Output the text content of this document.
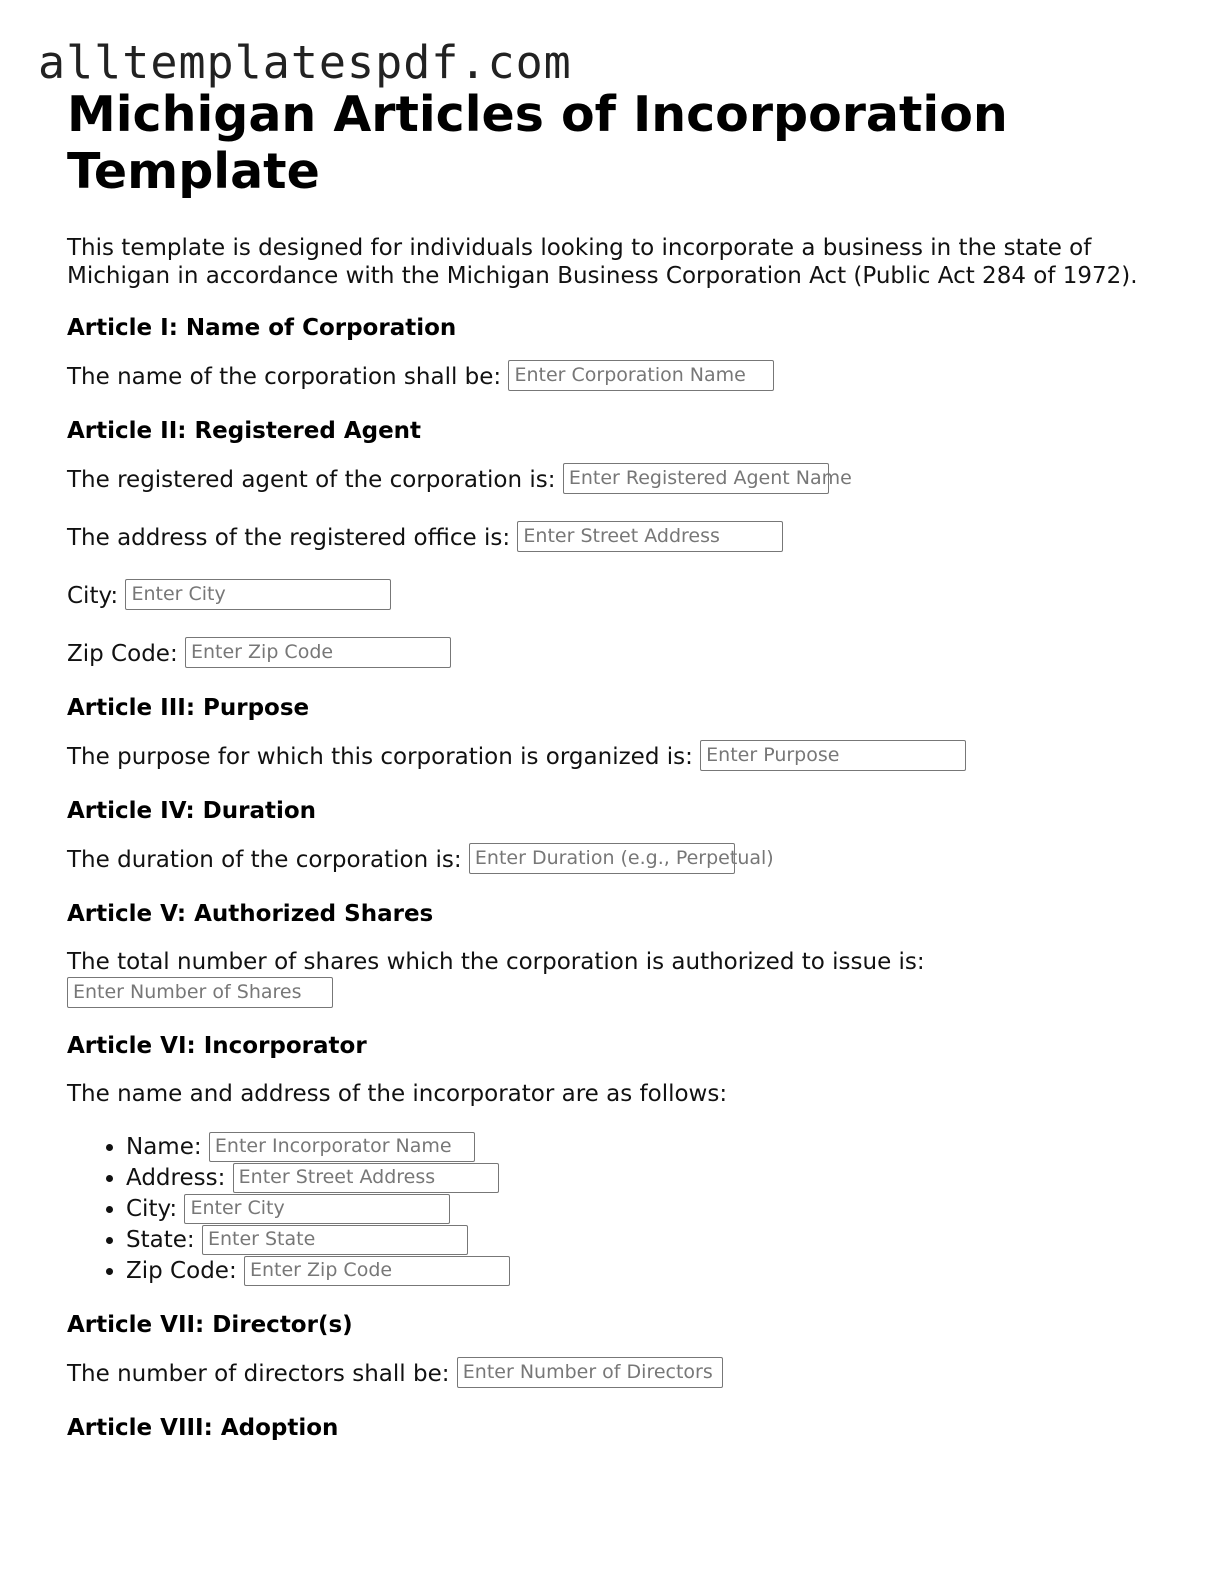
alltemplatespdf.com
Michigan Articles of Incorporation Template

This template is designed for individuals looking to incorporate a business in the state of Michigan in accordance with the Michigan Business Corporation Act (Public Act 284 of 1972).

Article I: Name of Corporation

The name of the corporation shall be: Enter Corporation Name

Article II: Registered Agent

The registered agent of the corporation is: Enter Registered Agent Name

The address of the registered office is: Enter Street Address

City: Enter City

Zip Code: Enter Zip Code

Article III: Purpose

The purpose for which this corporation is organized is: Enter Purpose

Article IV: Duration

The duration of the corporation is: Enter Duration (e.g., Perpetual)

Article V: Authorized Shares

The total number of shares which the corporation is authorized to issue is:
Enter Number of Shares

Article VI: Incorporator

The name and address of the incorporator are as follows:

• Name: Enter Incorporator Name
• Address: Enter Street Address
• City: Enter City
• State: Enter State
• Zip Code: Enter Zip Code
Article VII: Director(s)

The number of directors shall be: Enter Number of Directors

Article VIII: Adoption
